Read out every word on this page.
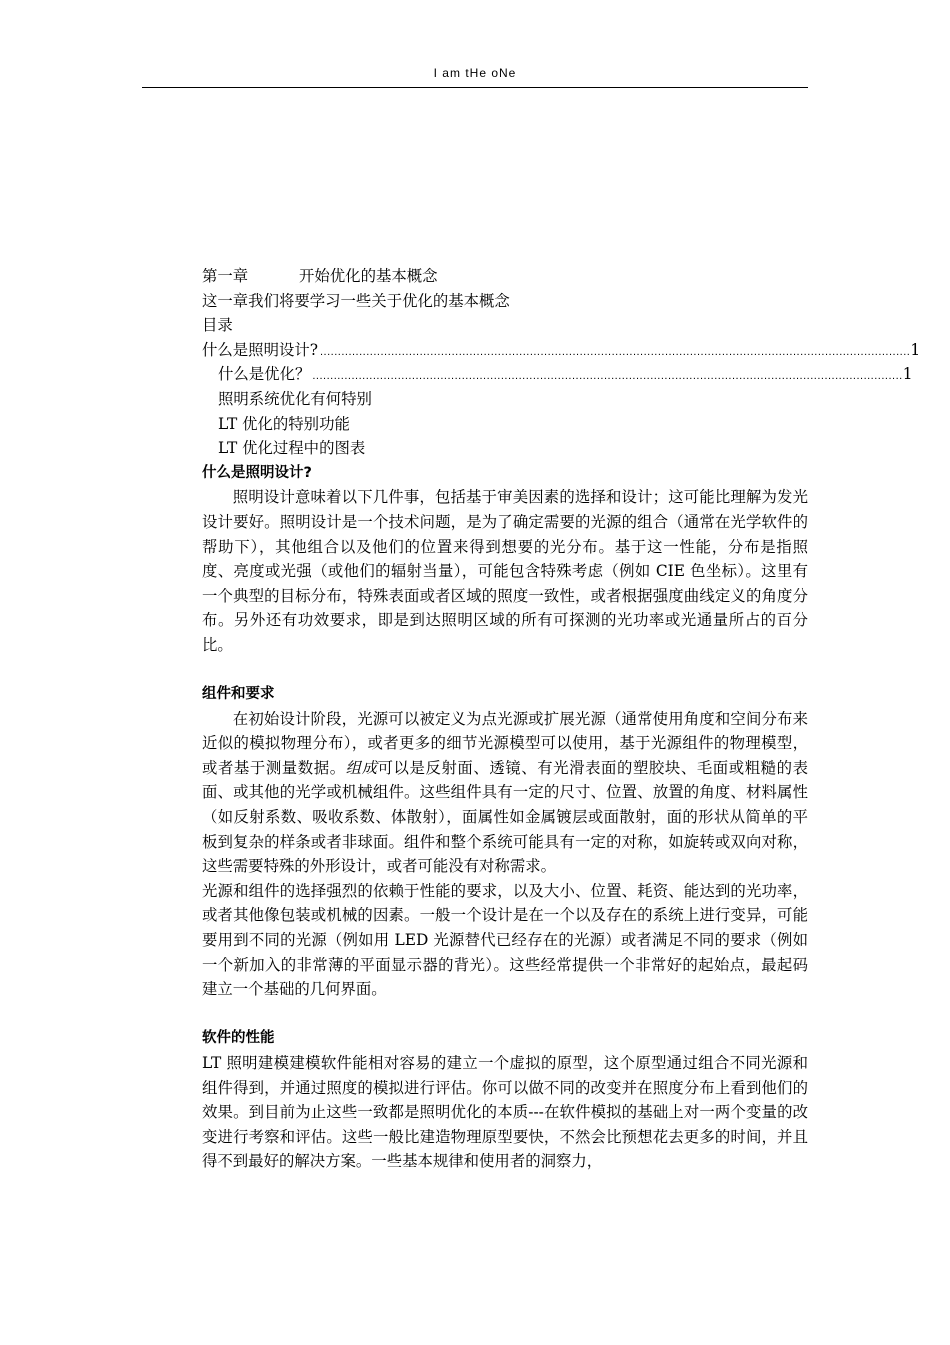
I am tHe oNe
第一章	开始优化的基本概念
这一章我们将要学习一些关于优化的基本概念
目录
什么是照明设计? ...................................................................................................................................................................... 1
什么是优化？ ...................................................................................................................................................................... 1
照明系统优化有何特别
LT 优化的特别功能
LT 优化过程中的图表
什么是照明设计?
照明设计意味着以下几件事，包括基于审美因素的选择和设计；这可能比理解为发光设计要好。照明设计是一个技术问题，是为了确定需要的光源的组合（通常在光学软件的帮助下），其他组合以及他们的位置来得到想要的光分布。基于这一性能，分布是指照度、亮度或光强（或他们的辐射当量），可能包含特殊考虑（例如 CIE 色坐标）。这里有一个典型的目标分布，特殊表面或者区域的照度一致性，或者根据强度曲线定义的角度分布。另外还有功效要求，即是到达照明区域的所有可探测的光功率或光通量所占的百分比。
组件和要求
在初始设计阶段，光源可以被定义为点光源或扩展光源（通常使用角度和空间分布来近似的模拟物理分布），或者更多的细节光源模型可以使用，基于光源组件的物理模型，或者基于测量数据。组成可以是反射面、透镜、有光滑表面的塑胶块、毛面或粗糙的表面、或其他的光学或机械组件。这些组件具有一定的尺寸、位置、放置的角度、材料属性（如反射系数、吸收系数、体散射），面属性如金属镀层或面散射，面的形状从简单的平板到复杂的样条或者非球面。组件和整个系统可能具有一定的对称，如旋转或双向对称，这些需要特殊的外形设计，或者可能没有对称需求。
光源和组件的选择强烈的依赖于性能的要求，以及大小、位置、耗资、能达到的光功率，或者其他像包装或机械的因素。一般一个设计是在一个以及存在的系统上进行变异，可能要用到不同的光源（例如用 LED 光源替代已经存在的光源）或者满足不同的要求（例如一个新加入的非常薄的平面显示器的背光）。这些经常提供一个非常好的起始点，最起码建立一个基础的几何界面。
软件的性能
LT 照明建模建模软件能相对容易的建立一个虚拟的原型，这个原型通过组合不同光源和组件得到，并通过照度的模拟进行评估。你可以做不同的改变并在照度分布上看到他们的效果。到目前为止这些一致都是照明优化的本质---在软件模拟的基础上对一两个变量的改变进行考察和评估。这些一般比建造物理原型要快，不然会比预想花去更多的时间，并且得不到最好的解决方案。一些基本规律和使用者的洞察力，
